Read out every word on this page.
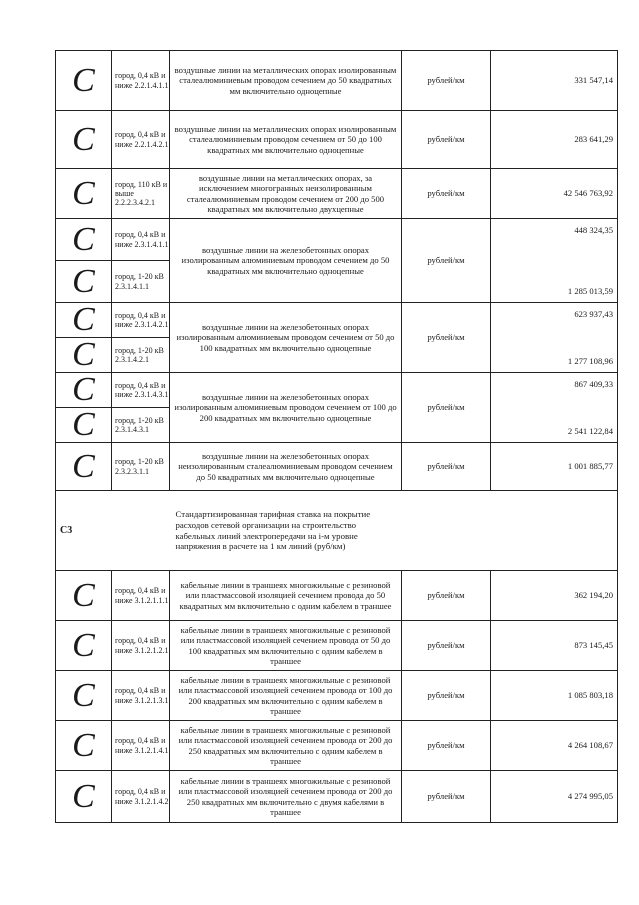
C	город, 0,4 кВ и ниже 2.2.1.4.1.1	воздушные линии на металлических опорах изолированным сталеалюминиевым проводом сечением до 50 квадратных мм включительно одноцепные	рублей/км	331 547,14
C	город, 0,4 кВ и ниже 2.2.1.4.2.1	воздушные линии на металлических опорах изолированным сталеалюминиевым проводом сечением от 50 до 100 квадратных мм включительно одноцепные	рублей/км	283 641,29
C	город, 110 кВ и выше 2.2.2.3.4.2.1	воздушные линии на металлических опорах, за исключением многогранных неизолированным сталеалюминиевым проводом сечением от 200 до 500 квадратных мм включительно двухцепные	рублей/км	42 546 763,92
C	город, 0,4 кВ и ниже 2.3.1.4.1.1	воздушные линии на железобетонных опорах изолированным алюминиевым проводом сечением до 50 квадратных мм включительно одноцепные	рублей/км	448 324,35
C	город, 1-20 кВ 2.3.1.4.1.1			1 285 013,59
C	город, 0,4 кВ и ниже 2.3.1.4.2.1	воздушные линии на железобетонных опорах изолированным алюминиевым проводом сечением от 50 до 100 квадратных мм включительно одноцепные	рублей/км	623 937,43
C	город, 1-20 кВ 2.3.1.4.2.1			1 277 108,96
C	город, 0,4 кВ и ниже 2.3.1.4.3.1	воздушные линии на железобетонных опорах изолированным алюминиевым проводом сечением от 100 до 200 квадратных мм включительно одноцепные	рублей/км	867 409,33
C	город, 1-20 кВ 2.3.1.4.3.1			2 541 122,84
C	город, 1-20 кВ 2.3.2.3.1.1	воздушные линии на железобетонных опорах неизолированным сталеалюминиевым проводом сечением до 50 квадратных мм включительно одноцепные	рублей/км	1 001 885,77
С3		Стандартизированная тарифная ставка на покрытие расходов сетевой организации на строительство кабельных линий электропередачи на i-м уровне напряжения в расчете на 1 км линий (руб/км)		
C	город, 0,4 кВ и ниже 3.1.2.1.1.1	кабельные линии в траншеях многожильные с резиновой или пластмассовой изоляцией сечением провода до 50 квадратных мм включительно с одним кабелем в траншее	рублей/км	362 194,20
C	город, 0,4 кВ и ниже 3.1.2.1.2.1	кабельные линии в траншеях многожильные с резиновой или пластмассовой изоляцией сечением провода от 50 до 100 квадратных мм включительно с одним кабелем в траншее	рублей/км	873 145,45
C	город, 0,4 кВ и ниже 3.1.2.1.3.1	кабельные линии в траншеях многожильные с резиновой или пластмассовой изоляцией сечением провода от 100 до 200 квадратных мм включительно с одним кабелем в траншее	рублей/км	1 085 803,18
C	город, 0,4 кВ и ниже 3.1.2.1.4.1	кабельные линии в траншеях многожильные с резиновой или пластмассовой изоляцией сечением провода от 200 до 250 квадратных мм включительно с одним кабелем в траншее	рублей/км	4 264 108,67
C	город, 0,4 кВ и ниже 3.1.2.1.4.2	кабельные линии в траншеях многожильные с резиновой или пластмассовой изоляцией сечением провода от 200 до 250 квадратных мм включительно с двумя кабелями в траншее	рублей/км	4 274 995,05
